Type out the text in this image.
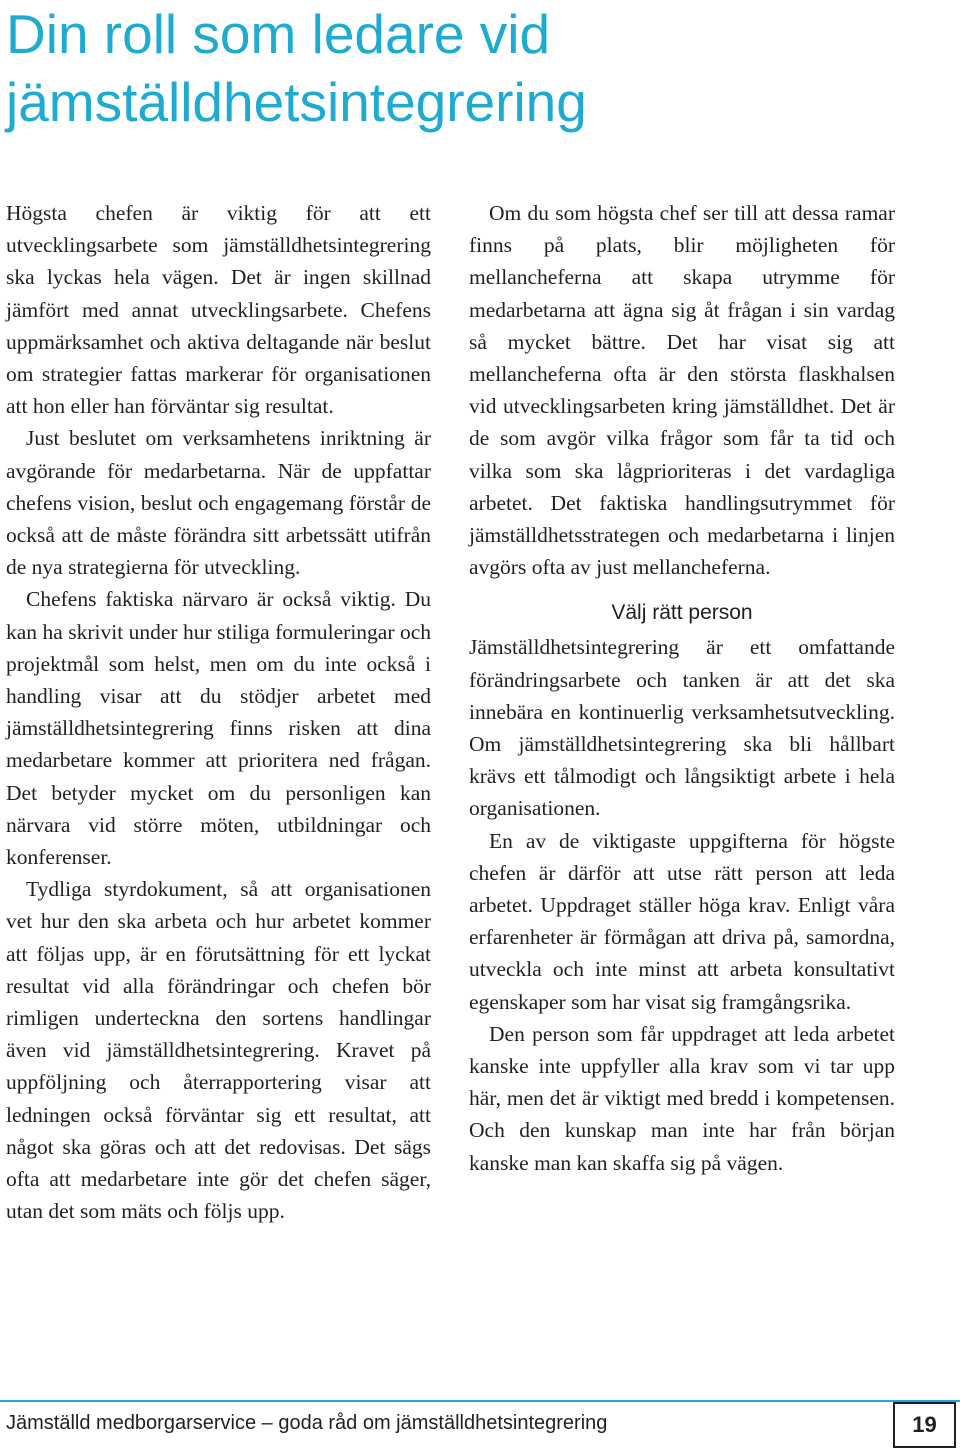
Din roll som ledare vid
jämställdhetsintegrering

Högsta chefen är viktig för att ett utvecklingsarbete som jämställdhetsintegrering ska lyckas hela vägen. Det är ingen skillnad jämfört med annat utvecklingsarbete. Chefens uppmärksamhet och aktiva deltagande när beslut om strategier fattas markerar för organisationen att hon eller han förväntar sig resultat.

Just beslutet om verksamhetens inriktning är avgörande för medarbetarna. När de uppfattar chefens vision, beslut och engagemang förstår de också att de måste förändra sitt arbetssätt utifrån de nya strategierna för utveckling.

Chefens faktiska närvaro är också viktig. Du kan ha skrivit under hur stiliga formuleringar och projektmål som helst, men om du inte också i handling visar att du stödjer arbetet med jämställdhetsintegrering finns risken att dina medarbetare kommer att prioritera ned frågan. Det betyder mycket om du personligen kan närvara vid större möten, utbildningar och konferenser.

Tydliga styrdokument, så att organisationen vet hur den ska arbeta och hur arbetet kommer att följas upp, är en förutsättning för ett lyckat resultat vid alla förändringar och chefen bör rimligen underteckna den sortens handlingar även vid jämställdhetsintegrering. Kravet på uppföljning och återrapportering visar att ledningen också förväntar sig ett resultat, att något ska göras och att det redovisas. Det sägs ofta att medarbetare inte gör det chefen säger, utan det som mäts och följs upp.

Om du som högsta chef ser till att dessa ramar finns på plats, blir möjligheten för mellancheferna att skapa utrymme för medarbetarna att ägna sig åt frågan i sin vardag så mycket bättre. Det har visat sig att mellancheferna ofta är den största flaskhalsen vid utvecklingsarbeten kring jämställdhet. Det är de som avgör vilka frågor som får ta tid och vilka som ska lågprioriteras i det vardagliga arbetet. Det faktiska handlingsutrymmet för jämställdhetsstrategen och medarbetarna i linjen avgörs ofta av just mellancheferna.

Välj rätt person

Jämställdhetsintegrering är ett omfattande förändringsarbete och tanken är att det ska innebära en kontinuerlig verksamhetsutveckling. Om jämställdhetsintegrering ska bli hållbart krävs ett tålmodigt och långsiktigt arbete i hela organisationen.

En av de viktigaste uppgifterna för högste chefen är därför att utse rätt person att leda arbetet. Uppdraget ställer höga krav. Enligt våra erfarenheter är förmågan att driva på, samordna, utveckla och inte minst att arbeta konsultativt egenskaper som har visat sig framgångsrika.

Den person som får uppdraget att leda arbetet kanske inte uppfyller alla krav som vi tar upp här, men det är viktigt med bredd i kompetensen. Och den kunskap man inte har från början kanske man kan skaffa sig på vägen.

Jämställd medborgarservice – goda råd om jämställdhetsintegrering	19
